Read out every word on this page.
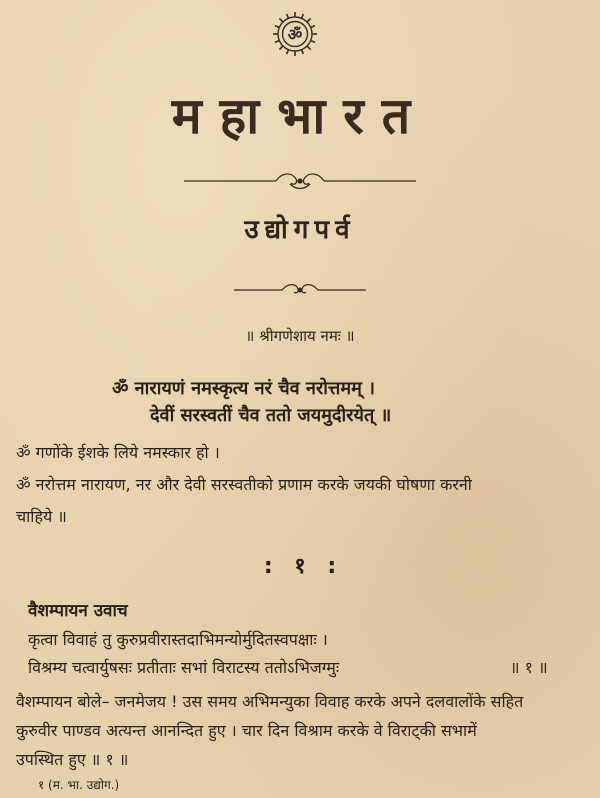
ॐ
महाभारत
उद्योगपर्व
॥ श्रीगणेशाय नमः ॥
ॐ नारायणं नमस्कृत्य नरं चैव नरोत्तमम् ।
देवीं सरस्वतीं चैव ततो जयमुदीरयेत् ॥
ॐ गणोंके ईशके लिये नमस्कार हो ।
ॐ नरोत्तम नारायण, नर और देवी सरस्वतीको प्रणाम करके जयकी घोषणा करनी
चाहिये ॥
: १ :
वैशम्पायन उवाच
कृत्वा विवाहं तु कुरुप्रवीरास्तदाभिमन्योर्मुदितस्वपक्षाः ।
विश्रम्य चत्वार्युषसः प्रतीताः सभां विराटस्य ततोऽभिजग्मुः	॥ १ ॥
वैशम्पायन बोले– जनमेजय ! उस समय अभिमन्युका विवाह करके अपने दलवालोंके सहित
कुरुवीर पाण्डव अत्यन्त आनन्दित हुए । चार दिन विश्राम करके वे विराट्की सभामें
उपस्थित हुए ॥ १ ॥
१ (म. भा. उद्योग.)
